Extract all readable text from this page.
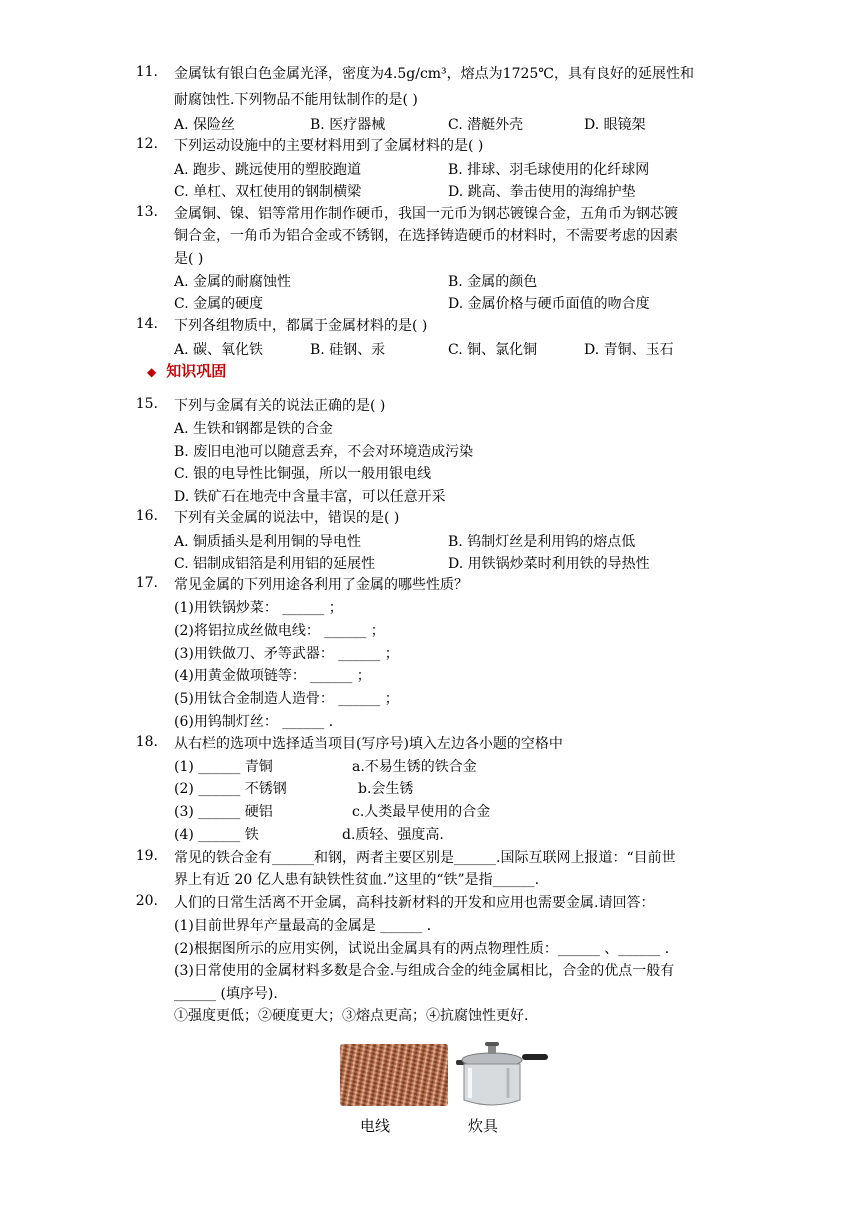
11. 金属钛有银白色金属光泽，密度为4.5g/cm³，熔点为1725℃，具有良好的延展性和
耐腐蚀性.下列物品不能用钛制作的是( )
A. 保险丝	B. 医疗器械	C. 潜艇外壳	D. 眼镜架
12. 下列运动设施中的主要材料用到了金属材料的是( )
A. 跑步、跳远使用的塑胶跑道	B. 排球、羽毛球使用的化纤球网
C. 单杠、双杠使用的钢制横梁	D. 跳高、拳击使用的海绵护垫
13. 金属铜、镍、铝等常用作制作硬币，我国一元币为钢芯镀镍合金，五角币为钢芯镀
铜合金，一角币为铝合金或不锈钢，在选择铸造硬币的材料时，不需要考虑的因素
是( )
A. 金属的耐腐蚀性	B. 金属的颜色
C. 金属的硬度	D. 金属价格与硬币面值的吻合度
14. 下列各组物质中，都属于金属材料的是( )
A. 碳、氧化铁	B. 硅钢、汞	C. 铜、氯化铜	D. 青铜、玉石
◆ 知识巩固
15. 下列与金属有关的说法正确的是( )
A. 生铁和钢都是铁的合金
B. 废旧电池可以随意丢弃，不会对环境造成污染
C. 银的电导性比铜强，所以一般用银电线
D. 铁矿石在地壳中含量丰富，可以任意开采
16. 下列有关金属的说法中，错误的是( )
A. 铜质插头是利用铜的导电性	B. 钨制灯丝是利用钨的熔点低
C. 铝制成铝箔是利用铝的延展性	D. 用铁锅炒菜时利用铁的导热性
17. 常见金属的下列用途各利用了金属的哪些性质？
(1)用铁锅炒菜： ______ ；
(2)将铝拉成丝做电线： ______ ；
(3)用铁做刀、矛等武器： ______ ；
(4)用黄金做项链等： ______ ；
(5)用钛合金制造人造骨： ______ ；
(6)用钨制灯丝： ______ ．
18. 从右栏的选项中选择适当项目(写序号)填入左边各小题的空格中
(1) ______ 青铜	a.不易生锈的铁合金
(2) ______ 不锈钢	b.会生锈
(3) ______ 硬铝	c.人类最早使用的合金
(4) ______ 铁	d.质轻、强度高.
19. 常见的铁合金有______和钢，两者主要区别是______.国际互联网上报道：“目前世
界上有近 20 亿人患有缺铁性贫血.”这里的“铁”是指______.
20. 人们的日常生活离不开金属，高科技新材料的开发和应用也需要金属.请回答：
(1)目前世界年产量最高的金属是 ______ ．
(2)根据图所示的应用实例，试说出金属具有的两点物理性质：______ 、______ ．
(3)日常使用的金属材料多数是合金.与组成合金的纯金属相比，合金的优点一般有
______ (填序号).
①强度更低；②硬度更大；③熔点更高；④抗腐蚀性更好.
电线	炊具
